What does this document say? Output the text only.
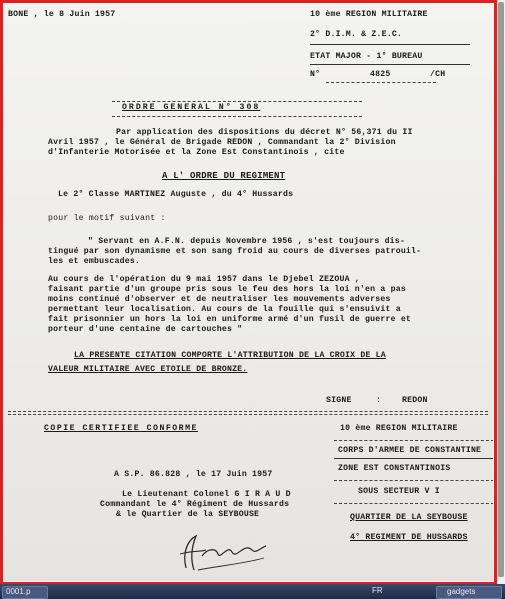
BONE , le 8 Juin 1957	10 ème REGION MILITAIRE
2° D.I.M. & Z.E.C.
ETAT MAJOR - 1° BUREAU
N°	4825	/CH
ORDRE GENERAL N° 308
Par application des dispositions du décret N° 56,371 du II
Avril 1957 , le Général de Brigade REDON , Commandant la 2° Division
d'Infanterie Motorisée et la Zone Est Constantinois , cite
A L' ORDRE DU REGIMENT
Le 2° Classe MARTINEZ Auguste , du 4° Hussards
pour le motif suivant :
" Servant en A.F.N. depuis Novembre 1956 , s'est toujours dis-
tingué par son dynamisme et son sang froid au cours de diverses patrouil-
les et embuscades.
Au cours de l'opération du 9 mai 1957 dans le Djebel ZEZOUA ,
faisant partie d'un groupe pris sous le feu des hors la loi n'en a pas
moins continué d'observer et de neutraliser les mouvements adverses
permettant leur localisation. Au cours de la fouille qui s'ensuivit a
fait prisonnier un hors la loi en uniforme armé d'un fusil de guerre et
porteur d'une centaine de cartouches "
LA PRESENTE CITATION COMPORTE L'ATTRIBUTION DE LA CROIX DE LA
VALEUR MILITAIRE AVEC ETOILE DE BRONZE.
SIGNE	:	REDON
COPIE CERTIFIEE CONFORME	10 ème REGION MILITAIRE
CORPS D'ARMEE DE CONSTANTINE
ZONE EST CONSTANTINOIS
SOUS SECTEUR V I
QUARTIER DE LA SEYBOUSE
4° REGIMENT DE HUSSARDS
A S.P. 86.828 , le 17 Juin 1957
Le Lieutenant Colonel G I R A U D
Commandant le 4° Régiment de Hussards
& le Quartier de la SEYBOUSE
0001.p	FR	gadgets
